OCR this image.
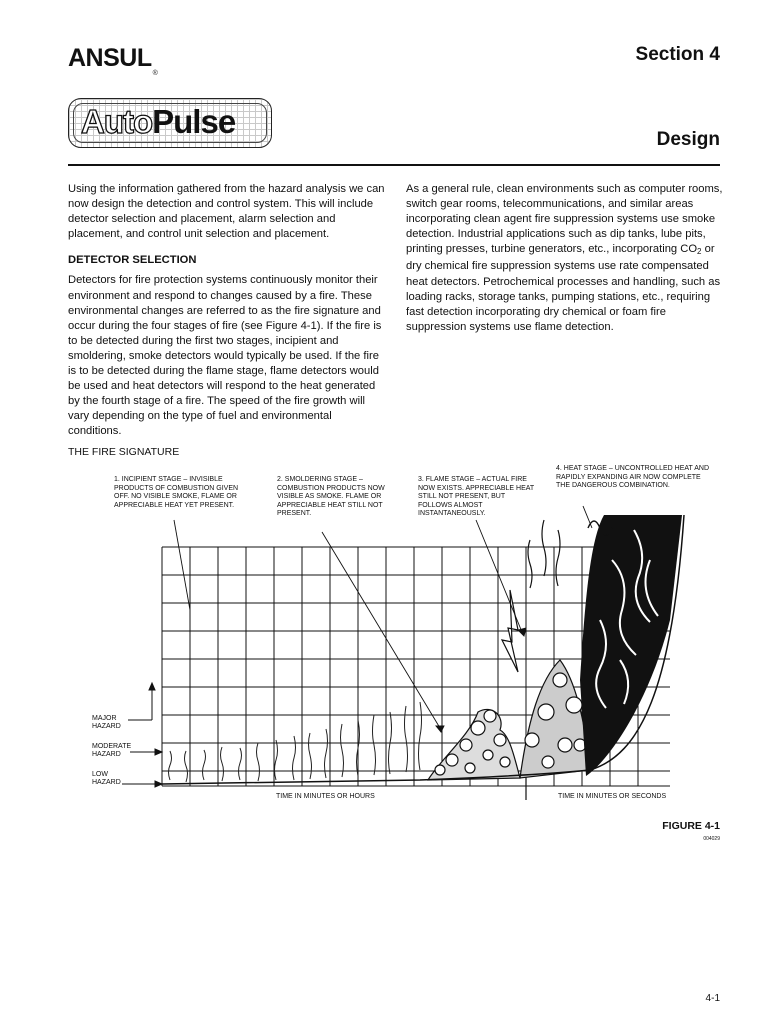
ANSUL®
Section 4
AutoPulse	Design

Using the information gathered from the hazard analysis we can now design the detection and control system. This will include detector selection and placement, alarm selection and placement, and control unit selection and placement.

DETECTOR SELECTION

Detectors for fire protection systems continuously monitor their environment and respond to changes caused by a fire. These environmental changes are referred to as the fire signature and occur during the four stages of fire (see Figure 4-1). If the fire is to be detected during the first two stages, incipient and smoldering, smoke detectors would typically be used. If the fire is to be detected during the flame stage, flame detectors would be used and heat detectors will respond to the heat generated by the fourth stage of a fire. The speed of the fire growth will vary depending on the type of fuel and environmental conditions.

As a general rule, clean environments such as computer rooms, switch gear rooms, telecommunications, and similar areas incorporating clean agent fire suppression systems use smoke detection. Industrial applications such as dip tanks, lube pits, printing presses, turbine generators, etc., incorporating $CO_2$ or dry chemical fire suppression systems use rate compensated heat detectors. Petrochemical processes and handling, such as loading racks, storage tanks, pumping stations, etc., requiring fast detection incorporating dry chemical or foam fire suppression systems use flame detection.

THE FIRE SIGNATURE
1. INCIPIENT STAGE – INVISIBLE PRODUCTS OF COMBUSTION GIVEN OFF. NO VISIBLE SMOKE, FLAME OR APPRECIABLE HEAT YET PRESENT.
2. SMOLDERING STAGE – COMBUSTION PRODUCTS NOW VISIBLE AS SMOKE. FLAME OR APPRECIABLE HEAT STILL NOT PRESENT.
3. FLAME STAGE – ACTUAL FIRE NOW EXISTS. APPRECIABLE HEAT STILL NOT PRESENT, BUT FOLLOWS ALMOST INSTANTANEOUSLY.
4. HEAT STAGE – UNCONTROLLED HEAT AND RAPIDLY EXPANDING AIR NOW COMPLETE THE DANGEROUS COMBINATION.
MAJOR HAZARD
MODERATE HAZARD
LOW HAZARD
TIME IN MINUTES OR HOURS	TIME IN MINUTES OR SECONDS
FIGURE 4-1
004029
4-1
